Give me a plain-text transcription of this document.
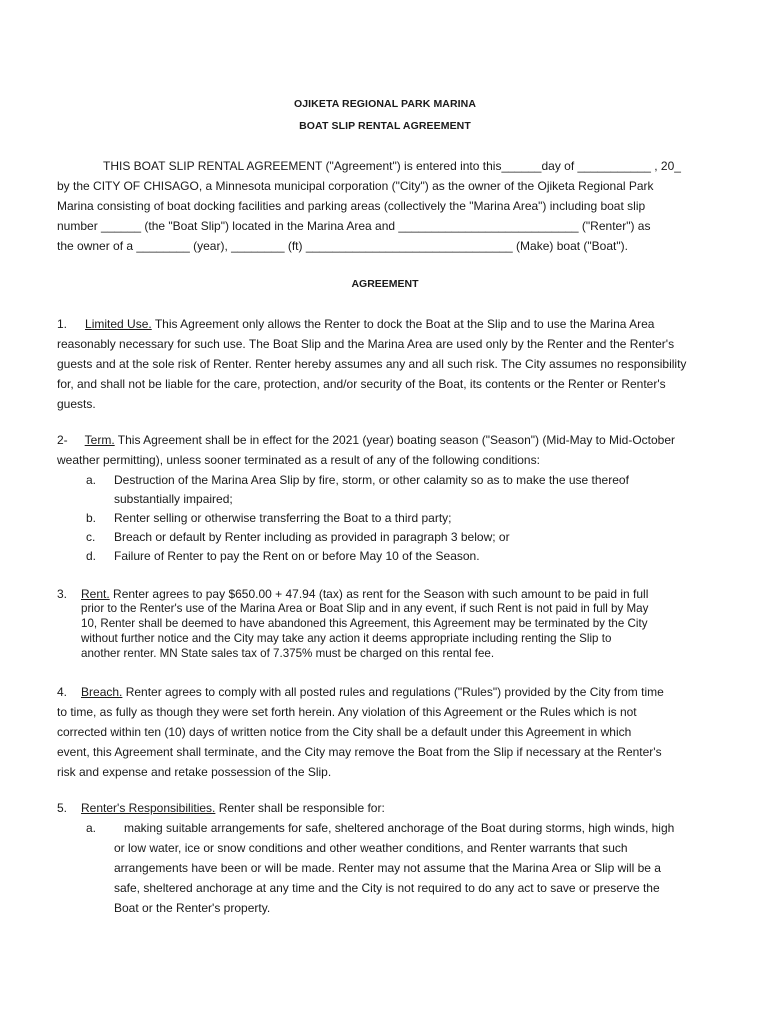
OJIKETA REGIONAL PARK MARINA
BOAT SLIP RENTAL AGREEMENT
THIS BOAT SLIP RENTAL AGREEMENT ("Agreement") is entered into this______day of ___________ , 20_
by the CITY OF CHISAGO, a Minnesota municipal corporation ("City") as the owner of the Ojiketa Regional Park
Marina consisting of boat docking facilities and parking areas (collectively the "Marina Area") including boat slip
number ______ (the "Boat Slip") located in the Marina Area and ___________________________ ("Renter") as
the owner of a ________ (year), ________ (ft) _______________________________ (Make) boat ("Boat").
AGREEMENT
1. Limited Use. This Agreement only allows the Renter to dock the Boat at the Slip and to use the Marina Area
reasonably necessary for such use. The Boat Slip and the Marina Area are used only by the Renter and the Renter's
guests and at the sole risk of Renter. Renter hereby assumes any and all such risk. The City assumes no responsibility
for, and shall not be liable for the care, protection, and/or security of the Boat, its contents or the Renter or Renter's
guests.
2- Term. This Agreement shall be in effect for the 2021 (year) boating season ("Season") (Mid-May to Mid-October
weather permitting), unless sooner terminated as a result of any of the following conditions:
a. Destruction of the Marina Area Slip by fire, storm, or other calamity so as to make the use thereof
substantially impaired;
b. Renter selling or otherwise transferring the Boat to a third party;
c. Breach or default by Renter including as provided in paragraph 3 below; or
d. Failure of Renter to pay the Rent on or before May 10 of the Season.
3. Rent. Renter agrees to pay $650.00 + 47.94 (tax) as rent for the Season with such amount to be paid in full
prior to the Renter's use of the Marina Area or Boat Slip and in any event, if such Rent is not paid in full by May
10, Renter shall be deemed to have abandoned this Agreement, this Agreement may be terminated by the City
without further notice and the City may take any action it deems appropriate including renting the Slip to
another renter. MN State sales tax of 7.375% must be charged on this rental fee.
4. Breach. Renter agrees to comply with all posted rules and regulations ("Rules") provided by the City from time
to time, as fully as though they were set forth herein. Any violation of this Agreement or the Rules which is not
corrected within ten (10) days of written notice from the City shall be a default under this Agreement in which
event, this Agreement shall terminate, and the City may remove the Boat from the Slip if necessary at the Renter's
risk and expense and retake possession of the Slip.
5. Renter's Responsibilities. Renter shall be responsible for:
a. making suitable arrangements for safe, sheltered anchorage of the Boat during storms, high winds, high
or low water, ice or snow conditions and other weather conditions, and Renter warrants that such
arrangements have been or will be made. Renter may not assume that the Marina Area or Slip will be a
safe, sheltered anchorage at any time and the City is not required to do any act to save or preserve the
Boat or the Renter's property.
